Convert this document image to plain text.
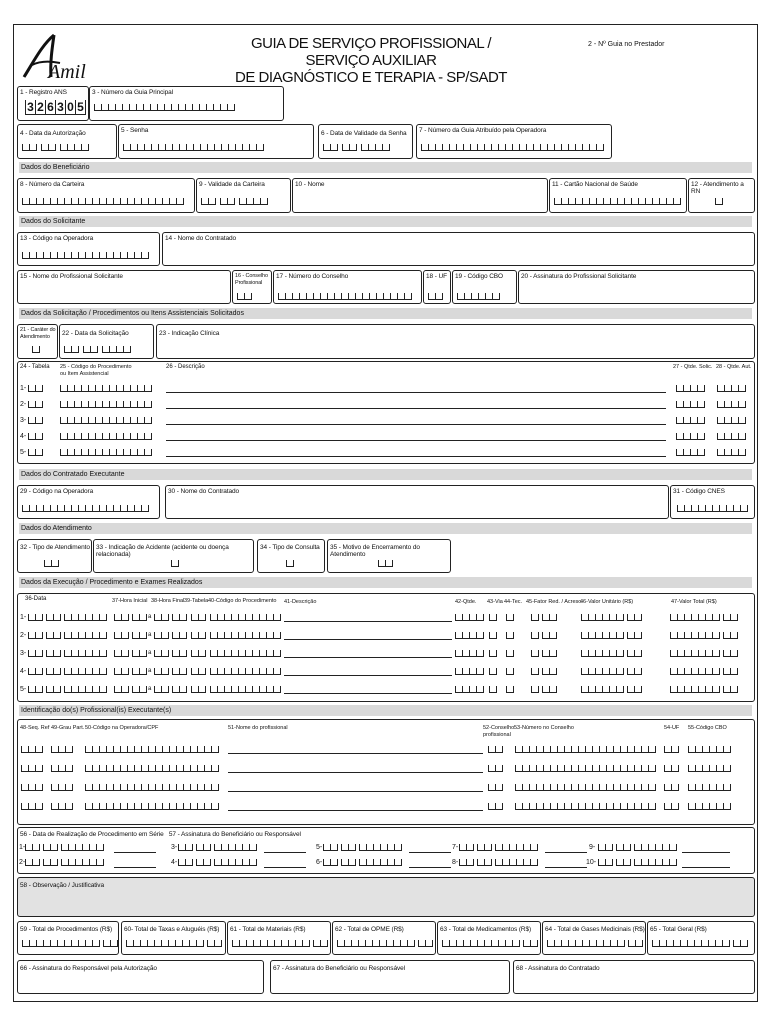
Amil
GUIA DE SERVIÇO PROFISSIONAL / SERVIÇO AUXILIAR
DE DIAGNÓSTICO E TERAPIA - SP/SADT
2 - Nº Guia no Prestador
1 - Registro ANS
3 2 6 3 0 5
3 - Número da Guia Principal
4 - Data da Autorização	5 - Senha	6 - Data de Validade da Senha 7 - Número da Guia Atribuído pela Operadora
Dados do Beneficiário
8 - Número da Carteira	9 - Validade da Carteira	10 - Nome	11 - Cartão Nacional de Saúde	12 - Atendimento a RN
Dados do Solicitante
13 - Código na Operadora	14 - Nome do Contratado
15 - Nome do Profissional Solicitante	16 - Conselho
Profissional
17 - Número do Conselho	18 - UF 19 - Código CBO	20 - Assinatura do Profissional Solicitante
Dados da Solicitação / Procedimentos ou Itens Assistenciais Solicitados
21 - Caráter do
Atendimento	22 - Data da Solicitação	23 - Indicação Clínica
24 - Tabela 25 - Código do Procedimento
ou Item Assistencial
26 - Descrição	27 - Qtde. Solic. 28 - Qtde. Aut.
1-
2-
3-
4-
5-
Dados do Contratado Executante
29 - Código na Operadora	30 - Nome do Contratado	31 - Código CNES
Dados do Atendimento
32 - Tipo de Atendimento 33 - Indicação de Acidente (acidente ou doença relacionada)
34 - Tipo de Consulta 35 - Motivo de Encerramento do Atendimento
Dados da Execução / Procedimento e Exames Realizados
36-Data	37-Hora Inicial 38-Hora Final 39-Tabela 40-Código do Procedimento 41-Descrição	42-Qtde. 43-Via 44-Tec. 45-Fator Red. / Acresc.
46-Valor Unitário (R$)	47-Valor Total (R$)
1-	a
2-	a
3-	a
4-	a
5-	a
Identificação do(s) Profissional(is) Executante(s)
48-Seq. Ref 49-Grau Part. 50-Código na Operadora/CPF	51-Nome do profissional	52-Conselho
profissional
53-Número no Conselho	54-UF 55-Código CBO
56 - Data de Realização de Procedimento em Série 57 - Assinatura do Beneficiário ou Responsável
1-
2-
3-
4-
5-
6-
7-
8-
9-
10-
58 - Observação / Justificativa
59 - Total de Procedimentos (R$) 60- Total de Taxas e Aluguéis (R$) 61 - Total de Materiais (R$)	62 - Total de OPME (R$)	63 - Total de Medicamentos (R$) 64 - Total de Gases Medicinais (R$) 65 - Total Geral (R$)
66 - Assinatura do Responsável pela Autorização	67 - Assinatura do Beneficiário ou Responsável	68 - Assinatura do Contratado
